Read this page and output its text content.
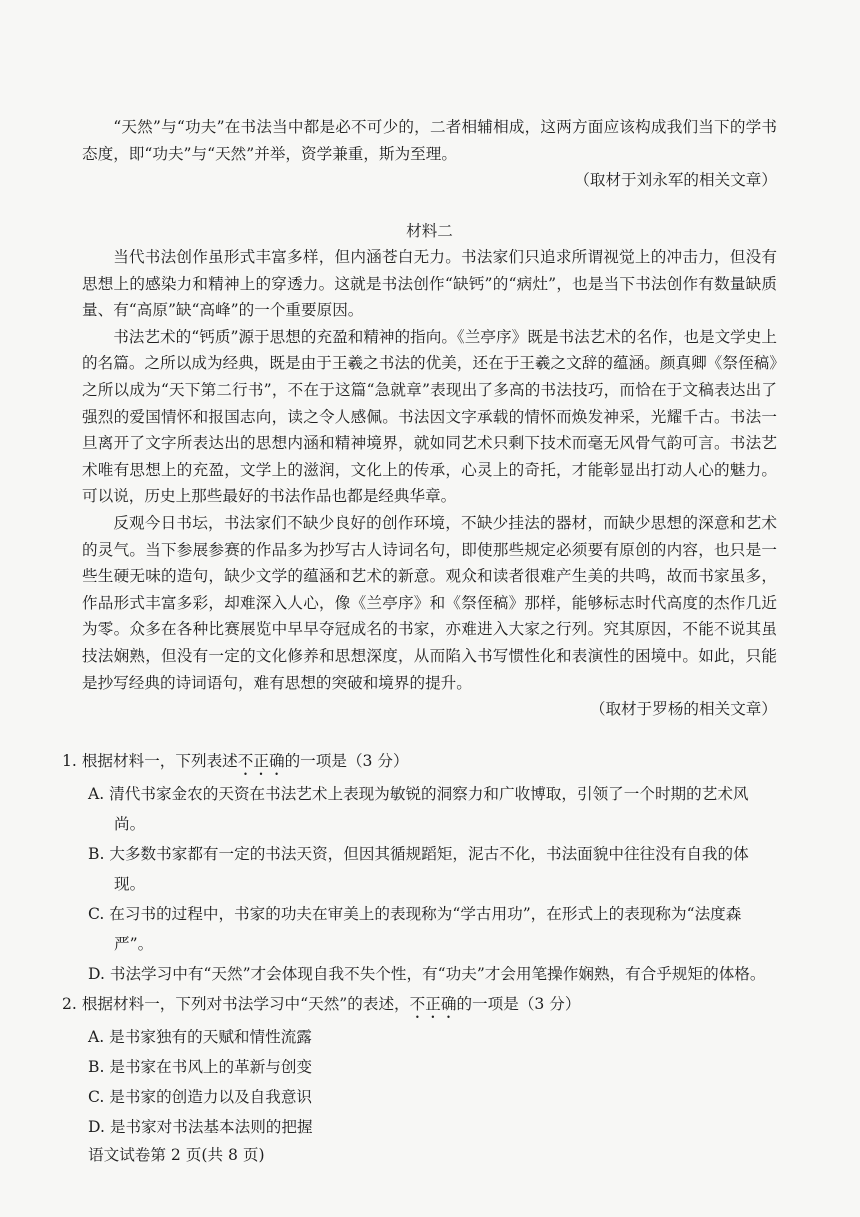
“天然”与“功夫”在书法当中都是必不可少的，二者相辅相成，这两方面应该构成我们当下的学书态度，即“功夫”与“天然”并举，资学兼重，斯为至理。

（取材于刘永军的相关文章）

材料二

当代书法创作虽形式丰富多样，但内涵苍白无力。书法家们只追求所谓视觉上的冲击力，但没有思想上的感染力和精神上的穿透力。这就是书法创作“缺钙”的“病灶”，也是当下书法创作有数量缺质量、有“高原”缺“高峰”的一个重要原因。

书法艺术的“钙质”源于思想的充盈和精神的指向。《兰亭序》既是书法艺术的名作，也是文学史上的名篇。之所以成为经典，既是由于王羲之书法的优美，还在于王羲之文辞的蕴涵。颜真卿《祭侄稿》之所以成为“天下第二行书”，不在于这篇“急就章”表现出了多高的书法技巧，而恰在于文稿表达出了强烈的爱国情怀和报国志向，读之令人感佩。书法因文字承载的情怀而焕发神采，光耀千古。书法一旦离开了文字所表达出的思想内涵和精神境界，就如同艺术只剩下技术而毫无风骨气韵可言。书法艺术唯有思想上的充盈，文学上的滋润，文化上的传承，心灵上的奇托，才能彰显出打动人心的魅力。可以说，历史上那些最好的书法作品也都是经典华章。

反观今日书坛，书法家们不缺少良好的创作环境，不缺少挂法的器材，而缺少思想的深意和艺术的灵气。当下参展参赛的作品多为抄写古人诗词名句，即使那些规定必须要有原创的内容，也只是一些生硬无味的造句，缺少文学的蕴涵和艺术的新意。观众和读者很难产生美的共鸣，故而书家虽多，作品形式丰富多彩，却难深入人心，像《兰亭序》和《祭侄稿》那样，能够标志时代高度的杰作几近为零。众多在各种比赛展览中早早夺冠成名的书家，亦难进入大家之行列。究其原因，不能不说其虽技法娴熟，但没有一定的文化修养和思想深度，从而陷入书写惯性化和表演性的困境中。如此，只能是抄写经典的诗词语句，难有思想的突破和境界的提升。

（取材于罗杨的相关文章）

1. 根据材料一，下列表述不正确的一项是（3 分）

A. 清代书家金农的天资在书法艺术上表现为敏锐的洞察力和广收博取，引领了一个时期的艺术风尚。

B. 大多数书家都有一定的书法天资，但因其循规蹈矩，泥古不化，书法面貌中往往没有自我的体现。

C. 在习书的过程中，书家的功夫在审美上的表现称为“学古用功”，在形式上的表现称为“法度森严”。

D. 书法学习中有“天然”才会体现自我不失个性，有“功夫”才会用笔操作娴熟，有合乎规矩的体格。

2. 根据材料一，下列对书法学习中“天然”的表述，不正确的一项是（3 分）

A. 是书家独有的天赋和情性流露

B. 是书家在书风上的革新与创变

C. 是书家的创造力以及自我意识

D. 是书家对书法基本法则的把握

语文试卷第 2 页(共 8 页)
